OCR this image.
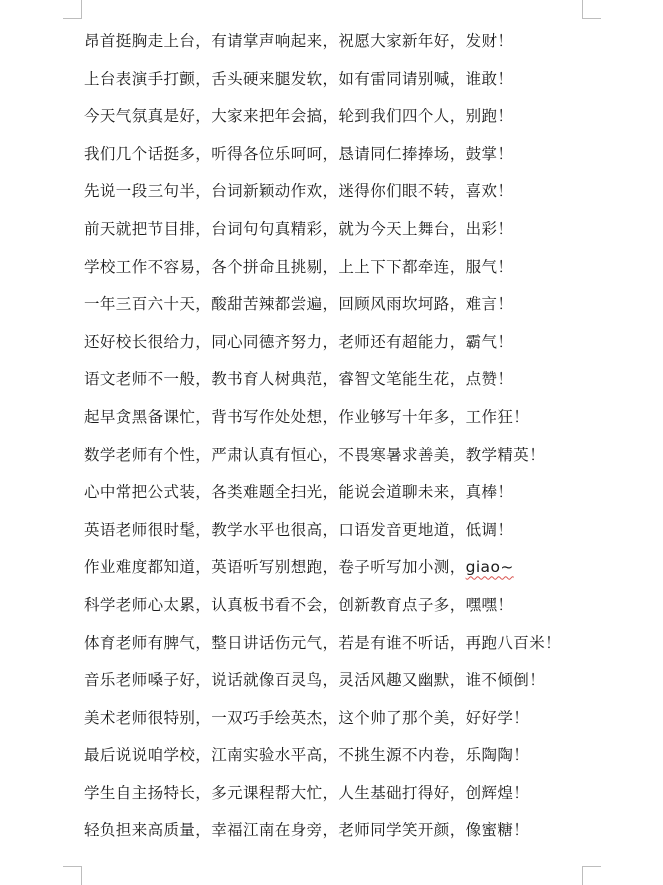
昂首挺胸走上台，有请掌声响起来，祝愿大家新年好，发财！
上台表演手打颤，舌头硬来腿发软，如有雷同请别喊，谁敢！
今天气氛真是好，大家来把年会搞，轮到我们四个人，别跑！
我们几个话挺多，听得各位乐呵呵，恳请同仁捧捧场，鼓掌！
先说一段三句半，台词新颖动作欢，迷得你们眼不转，喜欢！
前天就把节目排，台词句句真精彩，就为今天上舞台，出彩！
学校工作不容易，各个拼命且挑剔，上上下下都牵连，服气！
一年三百六十天，酸甜苦辣都尝遍，回顾风雨坎坷路，难言！
还好校长很给力，同心同德齐努力，老师还有超能力，霸气！
语文老师不一般，教书育人树典范，睿智文笔能生花，点赞！
起早贪黑备课忙，背书写作处处想，作业够写十年多，工作狂！
数学老师有个性，严肃认真有恒心，不畏寒暑求善美，教学精英！
心中常把公式装，各类难题全扫光，能说会道聊未来，真棒！
英语老师很时髦，教学水平也很高，口语发音更地道，低调！
作业难度都知道，英语听写别想跑，卷子听写加小测，giao~
科学老师心太累，认真板书看不会，创新教育点子多，嘿嘿！
体育老师有脾气，整日讲话伤元气，若是有谁不听话，再跑八百米！
音乐老师嗓子好，说话就像百灵鸟，灵活风趣又幽默，谁不倾倒！
美术老师很特别，一双巧手绘英杰，这个帅了那个美，好好学！
最后说说咱学校，江南实验水平高，不挑生源不内卷，乐陶陶！
学生自主扬特长，多元课程帮大忙，人生基础打得好，创辉煌！
轻负担来高质量，幸福江南在身旁，老师同学笑开颜，像蜜糖！
